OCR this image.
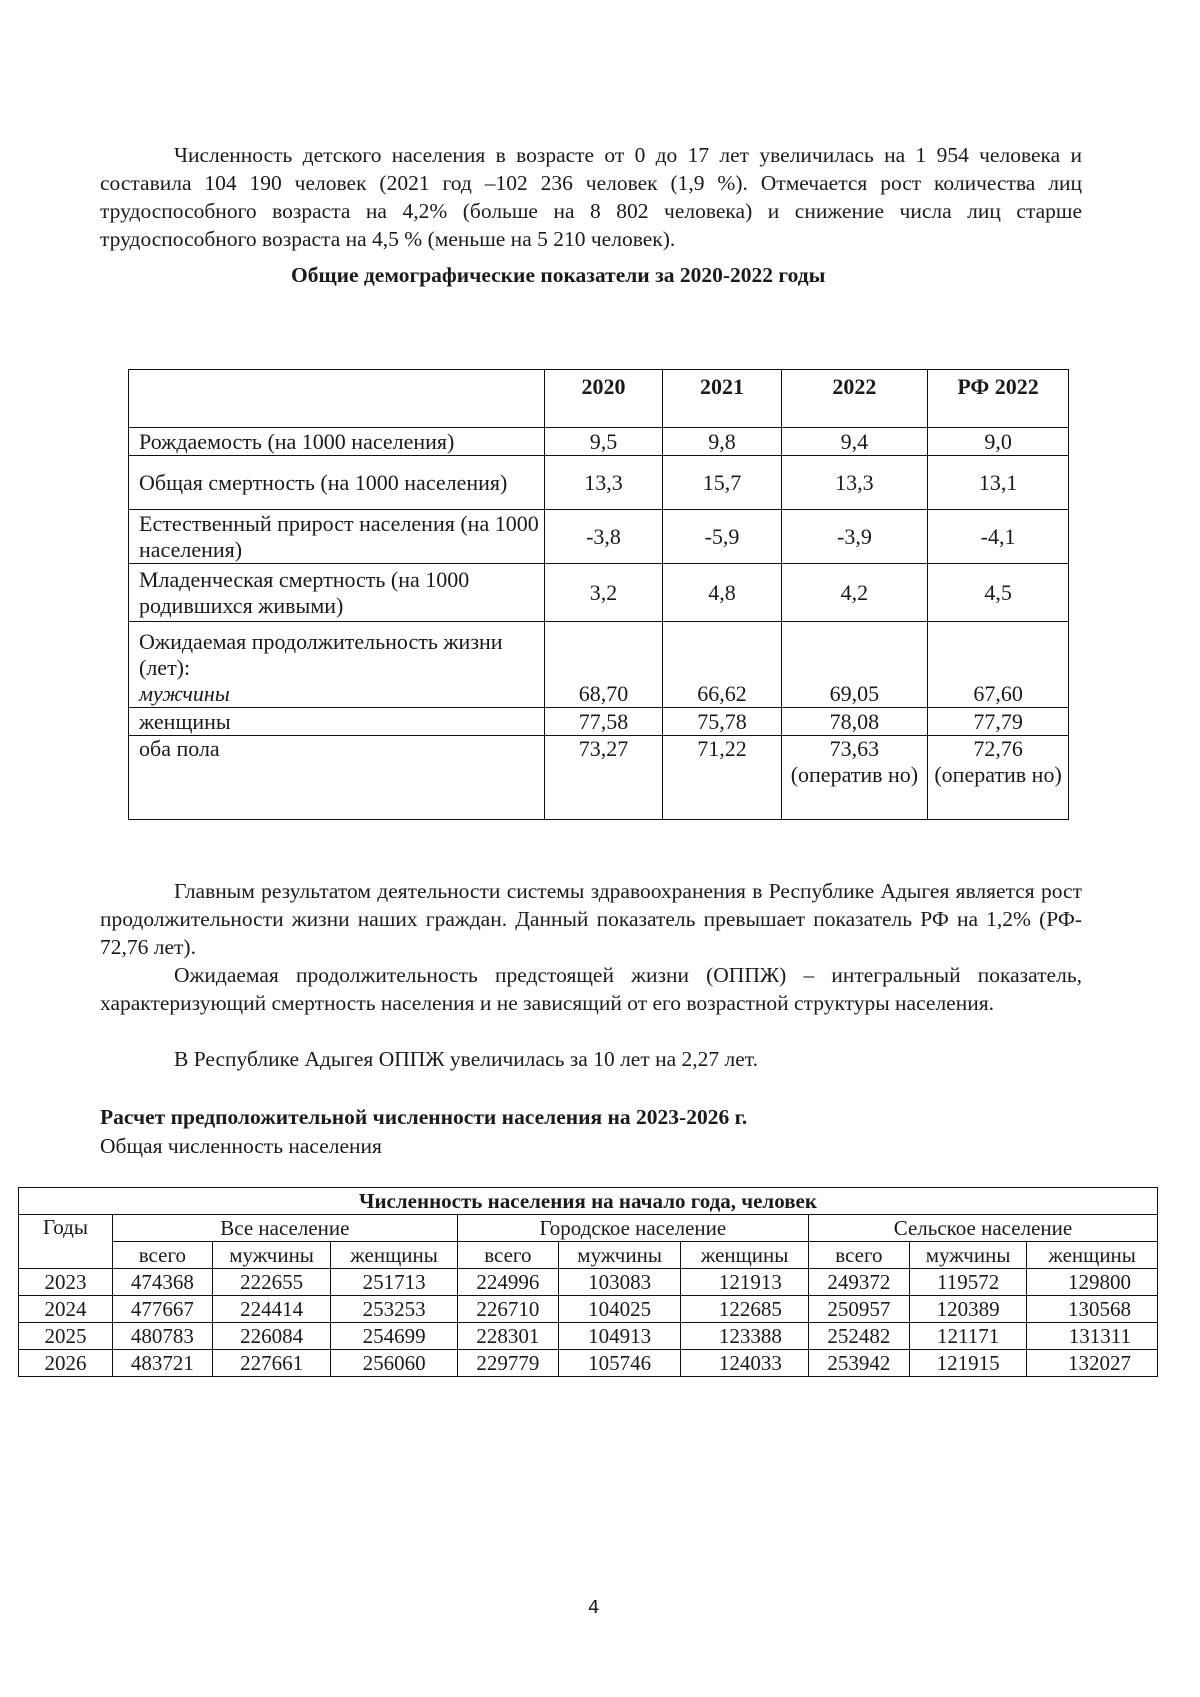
Численность детского населения в возрасте от 0 до 17 лет увеличилась на 1 954 человека и составила 104 190 человек (2021 год –102 236 человек (1,9 %). Отмечается рост количества лиц трудоспособного возраста на 4,2% (больше на 8 802 человека) и снижение числа лиц старше трудоспособного возраста на 4,5 % (меньше на 5 210 человек).

Общие демографические показатели за 2020-2022 годы
	2020	2021	2022	РФ 2022
Рождаемость (на 1000 населения)	9,5	9,8	9,4	9,0
Общая смертность (на 1000 населения)	13,3	15,7	13,3	13,1
Естественный прирост населения (на 1000 населения)	-3,8	-5,9	-3,9	-4,1
Младенческая смертность (на 1000 родившихся живыми)	3,2	4,8	4,2	4,5
Ожидаемая продолжительность жизни (лет):
мужчины	68,70	66,62	69,05	67,60
женщины	77,58	75,78	78,08	77,79
оба пола	73,27	71,22	73,63 (оператив но)	72,76 (оператив но)

Главным результатом деятельности системы здравоохранения в Республике Адыгея является рост продолжительности жизни наших граждан. Данный показатель превышает показатель РФ на 1,2% (РФ- 72,76 лет).

Ожидаемая продолжительность предстоящей жизни (ОППЖ) – интегральный показатель, характеризующий смертность населения и не зависящий от его возрастной структуры населения.

В Республике Адыгея ОППЖ увеличилась за 10 лет на 2,27 лет.

Расчет предположительной численности населения на 2023-2026 г.
Общая численность населения
Численность населения на начало года, человек									
Годы	Все население			Городское население			Сельское население		
	всего	мужчины	женщины	всего	мужчины	женщины	всего	мужчины	женщины
2023	474368	222655	251713	224996	103083	121913	249372	119572	129800
2024	477667	224414	253253	226710	104025	122685	250957	120389	130568
2025	480783	226084	254699	228301	104913	123388	252482	121171	131311
2026	483721	227661	256060	229779	105746	124033	253942	121915	132027
4
